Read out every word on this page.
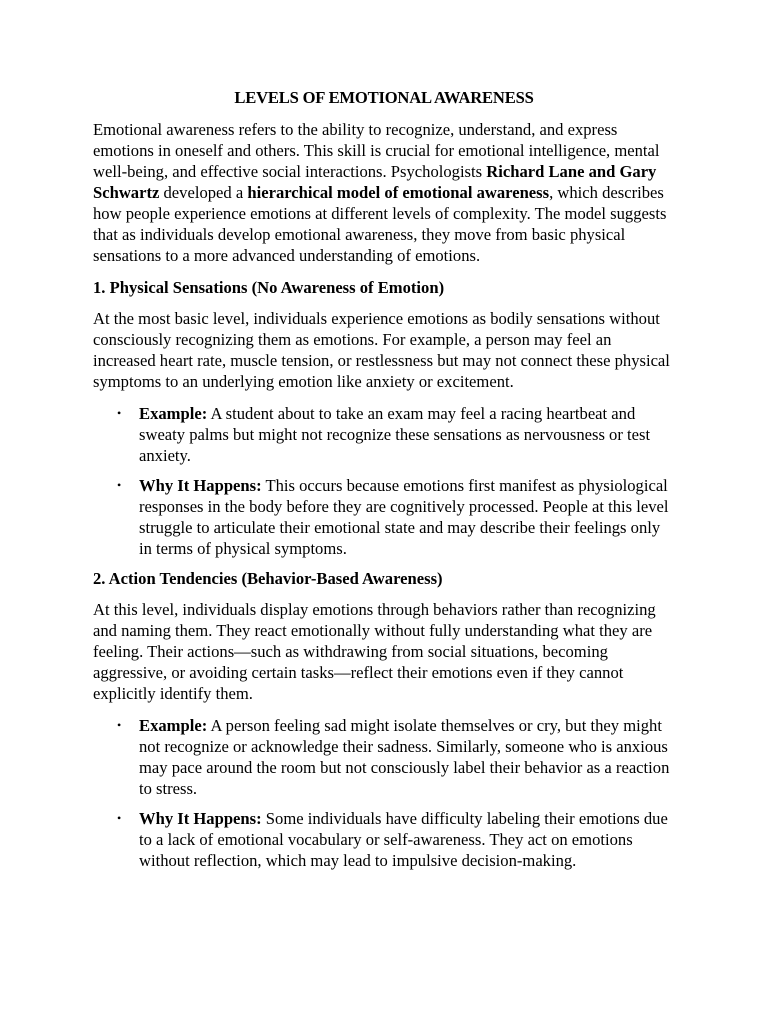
LEVELS OF EMOTIONAL AWARENESS

Emotional awareness refers to the ability to recognize, understand, and express emotions in oneself and others. This skill is crucial for emotional intelligence, mental well-being, and effective social interactions. Psychologists Richard Lane and Gary Schwartz developed a hierarchical model of emotional awareness, which describes how people experience emotions at different levels of complexity. The model suggests that as individuals develop emotional awareness, they move from basic physical sensations to a more advanced understanding of emotions.

1. Physical Sensations (No Awareness of Emotion)

At the most basic level, individuals experience emotions as bodily sensations without consciously recognizing them as emotions. For example, a person may feel an increased heart rate, muscle tension, or restlessness but may not connect these physical symptoms to an underlying emotion like anxiety or excitement.

• Example: A student about to take an exam may feel a racing heartbeat and sweaty palms but might not recognize these sensations as nervousness or test anxiety.
• Why It Happens: This occurs because emotions first manifest as physiological responses in the body before they are cognitively processed. People at this level struggle to articulate their emotional state and may describe their feelings only in terms of physical symptoms.
2. Action Tendencies (Behavior-Based Awareness)

At this level, individuals display emotions through behaviors rather than recognizing and naming them. They react emotionally without fully understanding what they are feeling. Their actions—such as withdrawing from social situations, becoming aggressive, or avoiding certain tasks—reflect their emotions even if they cannot explicitly identify them.

• Example: A person feeling sad might isolate themselves or cry, but they might not recognize or acknowledge their sadness. Similarly, someone who is anxious may pace around the room but not consciously label their behavior as a reaction to stress.
• Why It Happens: Some individuals have difficulty labeling their emotions due to a lack of emotional vocabulary or self-awareness. They act on emotions without reflection, which may lead to impulsive decision-making.
